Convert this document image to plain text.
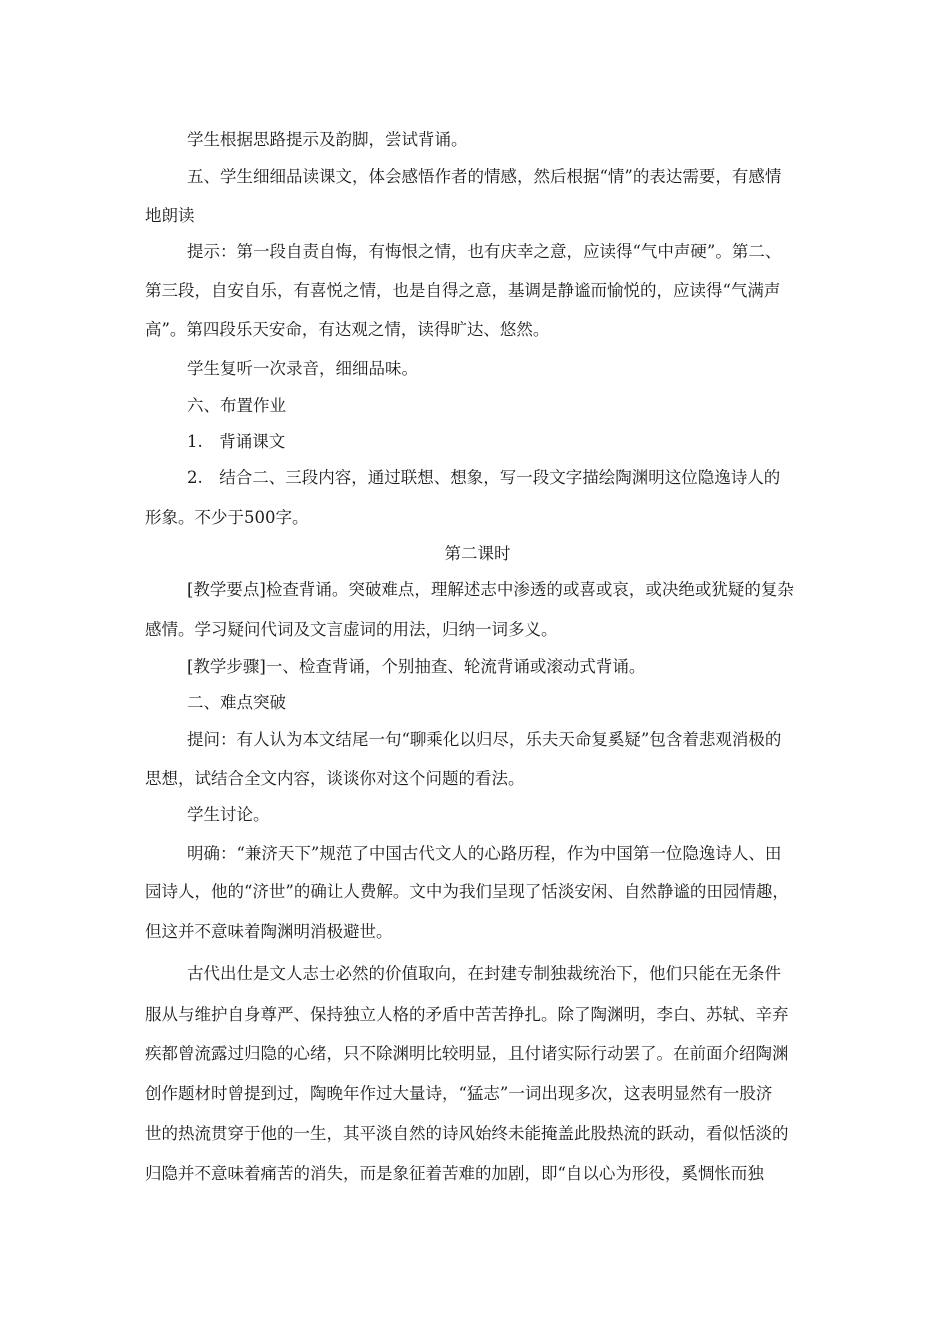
学生根据思路提示及韵脚，尝试背诵。
五、学生细细品读课文，体会感悟作者的情感，然后根据“情”的表达需要，有感情
地朗读
提示：第一段自责自悔，有悔恨之情，也有庆幸之意，应读得“气中声硬”。第二、
第三段，自安自乐，有喜悦之情，也是自得之意，基调是静谧而愉悦的，应读得“气满声
高”。第四段乐天安命，有达观之情，读得旷达、悠然。
学生复听一次录音，细细品味。
六、布置作业
1.　背诵课文
2.　结合二、三段内容，通过联想、想象，写一段文字描绘陶渊明这位隐逸诗人的
形象。不少于500字。
第二课时
[教学要点]检查背诵。突破难点，理解述志中渗透的或喜或哀，或决绝或犹疑的复杂
感情。学习疑问代词及文言虚词的用法，归纳一词多义。
[教学步骤]一、检查背诵，个别抽查、轮流背诵或滚动式背诵。
二、难点突破
提问：有人认为本文结尾一句“聊乘化以归尽，乐夫天命复奚疑”包含着悲观消极的
思想，试结合全文内容，谈谈你对这个问题的看法。
学生讨论。
明确：“兼济天下”规范了中国古代文人的心路历程，作为中国第一位隐逸诗人、田
园诗人，他的“济世”的确让人费解。文中为我们呈现了恬淡安闲、自然静谧的田园情趣，
但这并不意味着陶渊明消极避世。
古代出仕是文人志士必然的价值取向，在封建专制独裁统治下，他们只能在无条件
服从与维护自身尊严、保持独立人格的矛盾中苦苦挣扎。除了陶渊明，李白、苏轼、辛弃
疾都曾流露过归隐的心绪，只不除渊明比较明显，且付诸实际行动罢了。在前面介绍陶渊
创作题材时曾提到过，陶晚年作过大量诗，“猛志”一词出现多次，这表明显然有一股济
世的热流贯穿于他的一生，其平淡自然的诗风始终未能掩盖此股热流的跃动，看似恬淡的
归隐并不意味着痛苦的消失，而是象征着苦难的加剧，即“自以心为形役，奚惆怅而独
